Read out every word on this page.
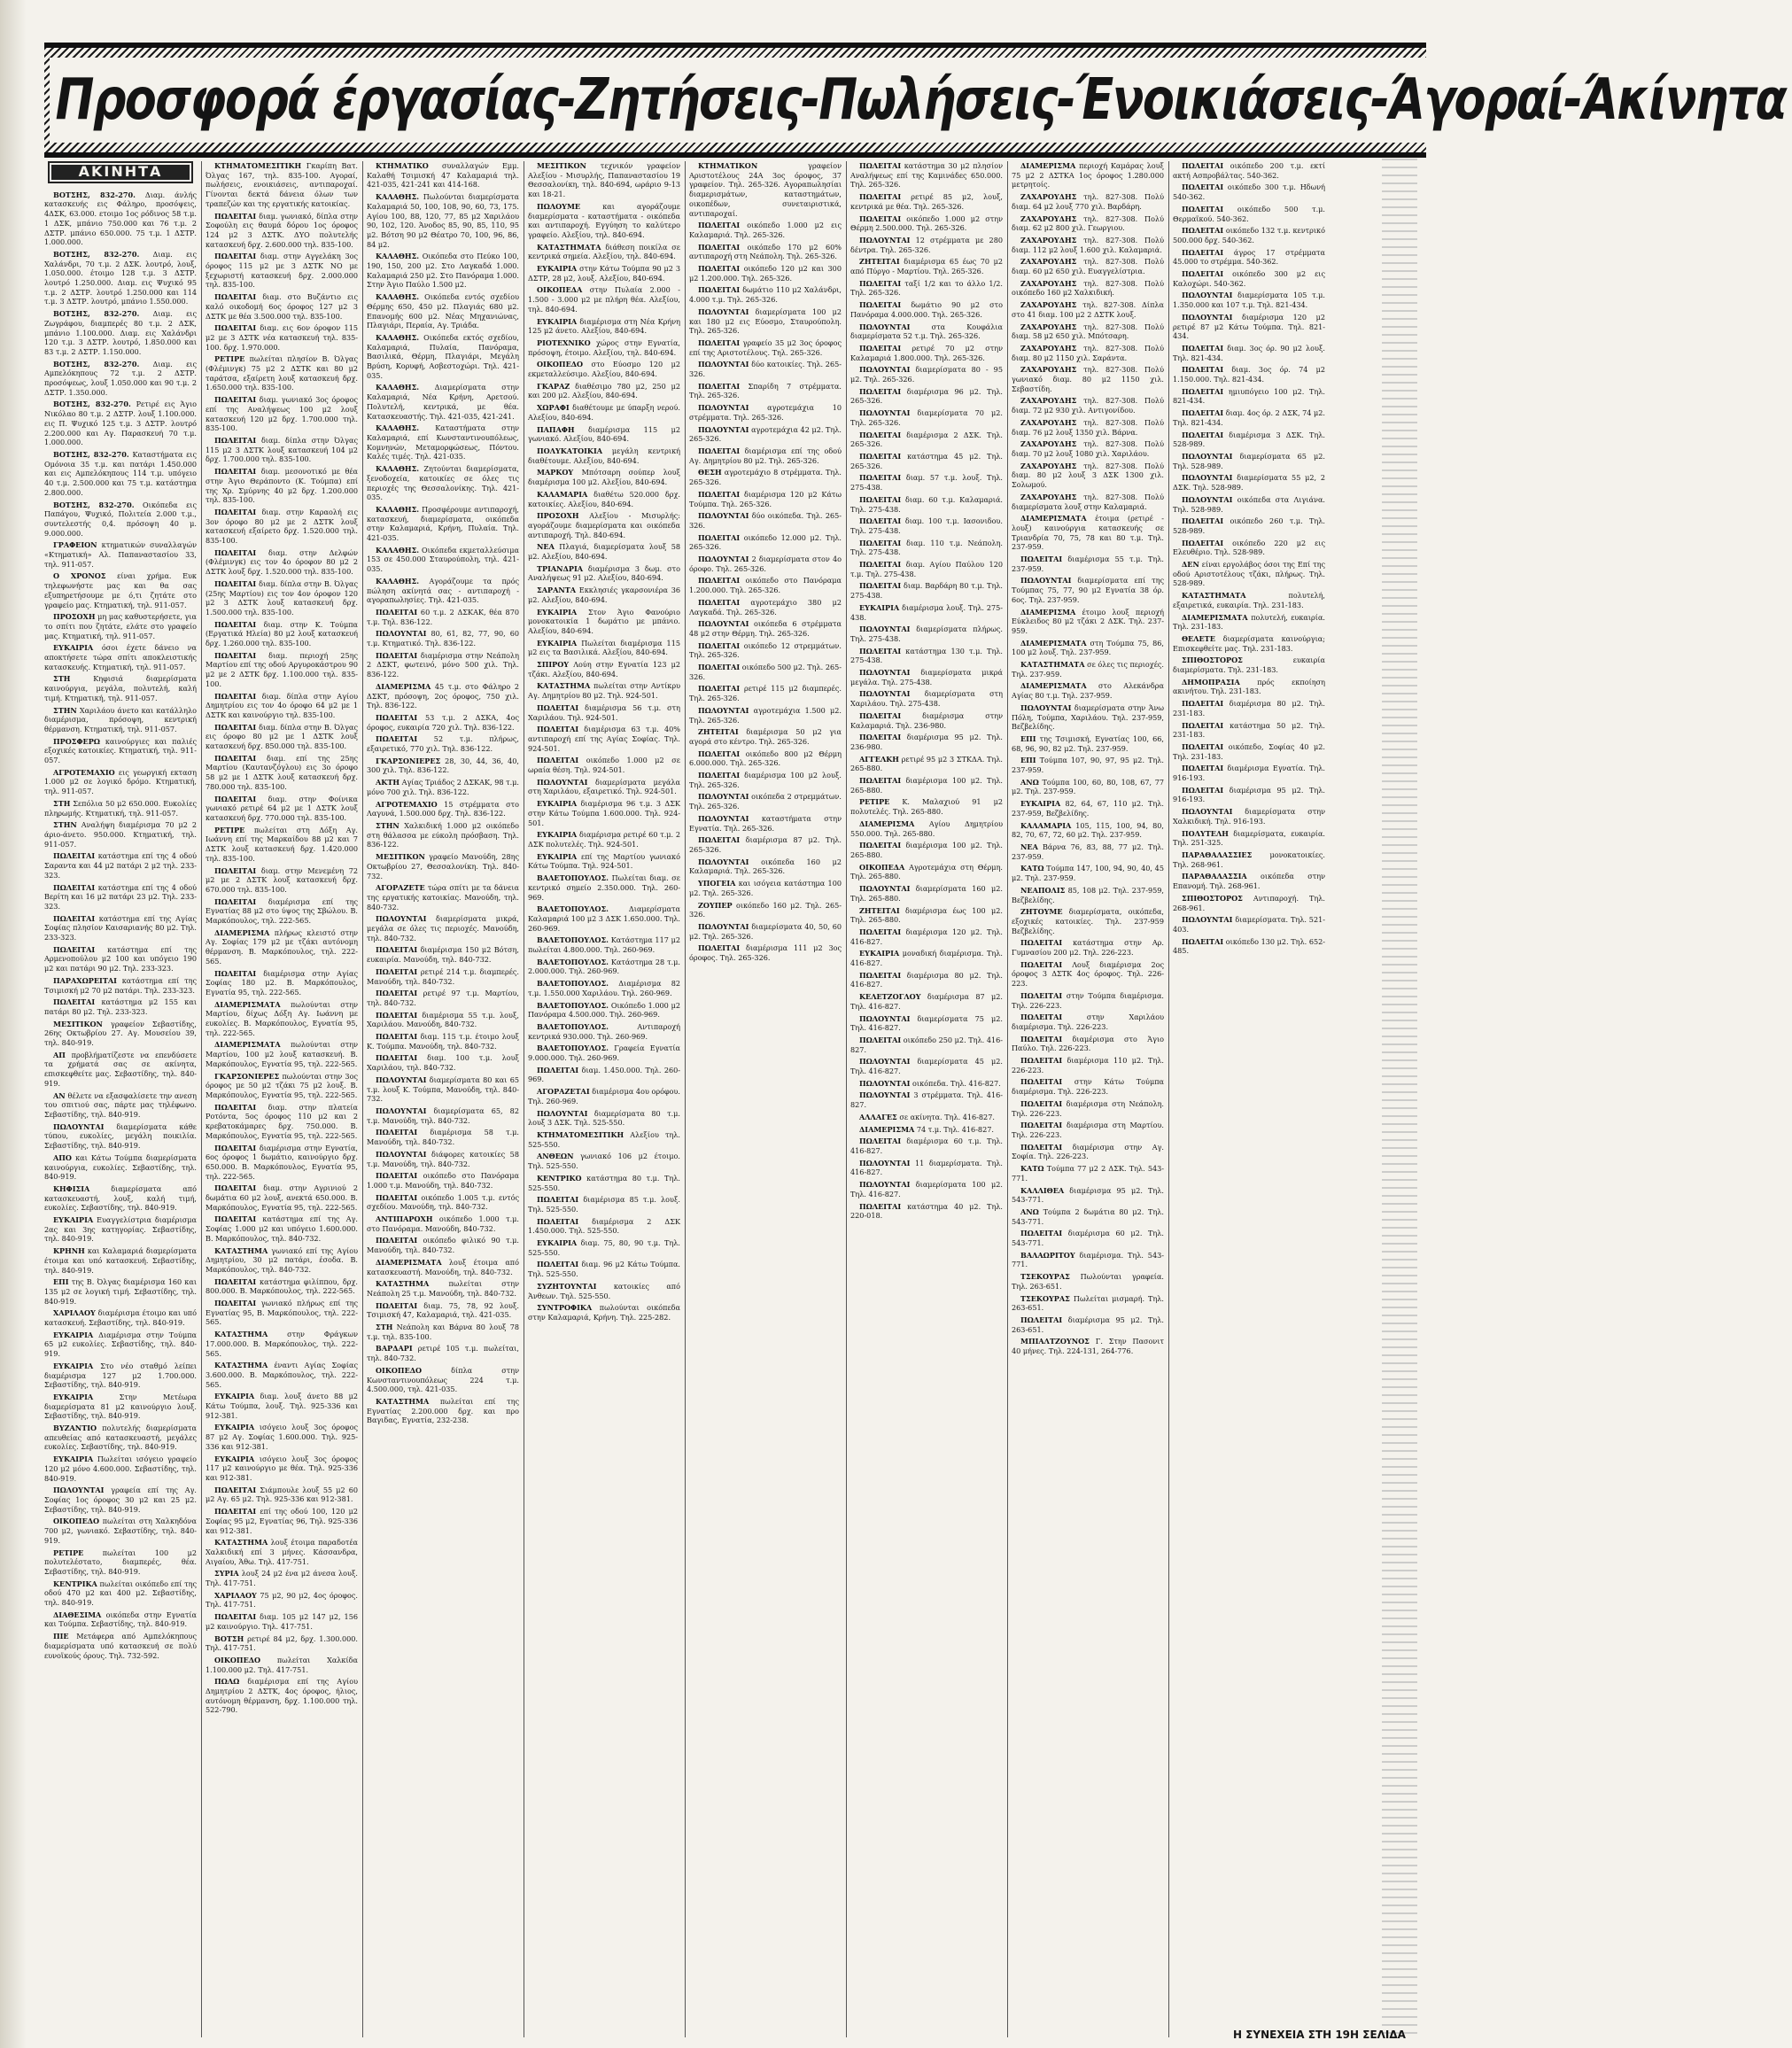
Προσφορά έργασίας-Ζητήσεις-Πωλήσεις-Ένοικιάσεις-Άγοραί-Άκίνητα
ΑΚΙΝΗΤΑ

ΒΟΤΣΗΣ, 832-270. Διαμ. άνλής κατασκευής εις Φάληρο, προσόψεις, 4ΔΣΚ, 63.000. ετοιμο 1ος ρόδινος 58 τ.μ. 1 ΔΣΚ, μπάνιο 750.000 και 76 τ.μ. 2 ΔΣΤΡ. μπάνιο 650.000. 75 τ.μ. 1 ΔΣΤΡ. 1.000.000.

ΒΟΤΣΗΣ, 832-270. Διαμ. εις Χαλάνδρι, 70 τ.μ. 2 ΔΣΚ. λουτρό, λουξ, 1.050.000. έτοιμο 128 τ.μ. 3 ΔΣΤΡ. λουτρό 1.250.000. Διαμ. εις Ψυχικό 95 τ.μ. 2 ΔΣΤΡ. λουτρό 1.250.000 και 114 τ.μ. 3 ΔΣΤΡ. λουτρό, μπάνιο 1.550.000.

ΒΟΤΣΗΣ, 832-270. Διαμ. εις Ζωγράφου, διαμπερές 80 τ.μ. 2 ΔΣΚ, μπάνιο 1.100.000. Διαμ. εις Χαλάνδρι 120 τ.μ. 3 ΔΣΤΡ. λουτρό, 1.850.000 και 83 τ.μ. 2 ΔΣΤΡ. 1.150.000.

ΒΟΤΣΗΣ, 832-270. Διαμ. εις Αμπελόκηπους 72 τ.μ. 2 ΔΣΤΡ. προσόψεως, λουξ 1.050.000 και 90 τ.μ. 2 ΔΣΤΡ. 1.350.000.

ΒΟΤΣΗΣ, 832-270. Ρετιρέ εις Άγιο Νικόλαο 80 τ.μ. 2 ΔΣΤΡ. λουξ 1.100.000. εις Π. Ψυχικό 125 τ.μ. 3 ΔΣΤΡ. λουτρό 2.200.000 και Αγ. Παρασκευή 70 τ.μ. 1.000.000.

ΒΟΤΣΗΣ, 832-270. Καταστήματα εις Ομόνοια 35 τ.μ. και πατάρι 1.450.000 και εις Αμπελόκηπους 114 τ.μ. υπόγειο 40 τ.μ. 2.500.000 και 75 τ.μ. κατάστημα 2.800.000.

ΒΟΤΣΗΣ, 832-270. Οικόπεδα εις Παπάγου, Ψυχικό, Πολιτεία 2.000 τ.μ., συντελεστής 0,4. πρόσοψη 40 μ. 9.000.000.

ΓΡΑΦΕΙΟΝ κτηματικών συναλλαγών «Κτηματική» Αλ. Παπαναστασίου 33, τηλ. 911-057.

Ο ΧΡΟΝΟΣ είναι χρήμα. Ευκ τηλεφωνήστε μας και θα σας εξυπηρετήσουμε με ό,τι ζητάτε στο γραφείο μας. Κτηματική, τηλ. 911-057.

ΠΡΟΣΟΧΗ μη μας καθυστερήσετε, για το σπίτι που ζητάτε, ελάτε στο γραφείο μας. Κτηματική, τηλ. 911-057.

ΕΥΚΑΙΡΙΑ όσοι έχετε δάνειο να αποκτήσετε τώρα σπίτι αποκλειστικής κατασκευής. Κτηματική, τηλ. 911-057.

ΣΤΗ	Κηφισιά διαμερίσματα καινούργια, μεγάλα, πολυτελή, καλή τιμή. Κτηματική, τηλ. 911-057.

ΣΤΗΝ Χαριλάου άνετο και κατάλληλο διαμέρισμα, πρόσοψη, κεντρική θέρμανση. Κτηματική, τηλ. 911-057.

ΠΡΟΣΦΕΡΩ καινούργιες και παλιές εξοχικές κατοικίες. Κτηματική, τηλ. 911-057.

ΑΓΡΟΤΕΜΑΧΙΟ εις γεωργική εκταση 1.000 μ2 σε λογικό δρόμο. Κτηματική, τηλ. 911-057.

ΣΤΗ Σεπόλια 50 μ2 650.000. Ευκολίες πληρωμής. Κτηματική, τηλ. 911-057.

ΣΤΗΝ Αναλήψη διαμέρισμα 70 μ2 2 άριο-άνετο. 950.000. Κτηματική, τηλ. 911-057.

ΠΩΛΕΙΤΑΙ κατάστημα επί της 4 οδού Σαραντα και 44 μ2 πατάρι 2 μ2 τηλ. 233-323.

ΠΩΛΕΙΤΑΙ κατάστημα επί της 4 οδού Βερίτη και 16 μ2 πατάρι 23 μ2. Τηλ. 233-323.

ΠΩΛΕΙΤΑΙ κατάστημα επί της Αγίας Σοφίας πλησίον Καισαριανής 80 μ2. Τηλ. 233-323.

ΠΩΛΕΙΤΑΙ κατάστημα επί της Αρμενοπούλου μ2 100 και υπόγειο 190 μ2 και πατάρι 90 μ2. Τηλ. 233-323.

ΠΑΡΑΧΩΡΕΙΤΑΙ κατάστημα επί της Τσιμισκή μ2 70 μ2 πατάρι. Τηλ. 233-323.

ΠΩΛΕΙΤΑΙ κατάστημα μ2 155 και πατάρι 80 μ2. Τηλ. 233-323.

ΜΕΣΙΤΙΚΟΝ γραφείον Σεβαστίδης, 26ης Οκτωβρίου 27. Αγ. Μουσείου 39, τηλ. 840-919.

ΑΠ προβλήματίζεστε να επενδύσετε τα χρήματά σας σε ακίνητα, επισκεφθείτε μας. Σεβαστίδης, τηλ. 840-919.

ΑΝ θέλετε να εξασφαλίσετε την ανεση του σπιτιού σας, πάρτε μας τηλέφωνο. Σεβαστίδης, τηλ. 840-919.

ΠΩΛΟΥΝΤΑΙ διαμερίσματα κάθε τύπου, ευκολίες, μεγάλη ποικιλία. Σεβαστίδης, τηλ. 840-919.

ΑΠΟ και Κάτω Τούμπα διαμερίσματα καινούργια, ευκολίες. Σεβαστίδης, τηλ. 840-919.

ΚΗΦΙΣΙΑ	διαμερίσματα από κατασκευαστή, λουξ, καλή τιμή, ευκολίες. Σεβαστίδης, τηλ. 840-919.

ΕΥΚΑΙΡΙΑ Ευαγγελίστρια διαμέρισμα 2ας και 3ης κατηγορίας. Σεβαστίδης, τηλ. 840-919.

ΚΡΗΝΗ και Καλαμαριά διαμερίσματα έτοιμα και υπό κατασκευή. Σεβαστίδης, τηλ. 840-919.

ΕΠΙ της Β. Όλγας διαμέρισμα 160 και 135 μ2 σε λογική τιμή. Σεβαστίδης, τηλ. 840-919.

ΧΑΡΙΛΑΟΥ διαμέρισμα έτοιμο και υπό κατασκευή. Σεβαστίδης, τηλ. 840-919.

ΕΥΚΑΙΡΙΑ Διαμέρισμα στην Τούμπα 65 μ2 ευκολίες. Σεβαστίδης, τηλ. 840-919.

ΕΥΚΑΙΡΙΑ Στο νέο σταθμό λείπει διαμέρισμα 127 μ2 1.700.000. Σεβαστίδης, τηλ. 840-919.

ΕΥΚΑΙΡΙΑ	Στην Μετέωρα διαμερίσματα 81 μ2 καινούργιο λουξ. Σεβαστίδης, τηλ. 840-919.

ΒΥΖΑΝΤΙΟ πολυτελής διαμερίσματα απευθείας από κατασκευαστή, μεγάλες ευκολίες. Σεβαστίδης, τηλ. 840-919.

ΕΥΚΑΙΡΙΑ Πωλείται ισόγειο γραφείο 120 μ2 μόνο 4.600.000. Σεβαστίδης, τηλ. 840-919.

ΠΩΛΟΥΝΤΑΙ γραφεία επί της Αγ. Σοφίας 1ος όροφος 30 μ2 και 25 μ2. Σεβαστίδης, τηλ. 840-919.

ΟΙΚΟΠΕΔΟ πωλείται στη Χαλκηδόνα 700 μ2, γωνιακό. Σεβαστίδης, τηλ. 840-919.

ΡΕΤΙΡΕ	πωλείται 100 μ2 πολυτελέστατο, διαμπερές, θέα. Σεβαστίδης, τηλ. 840-919.

ΚΕΝΤΡΙΚΑ πωλείται οικόπεδο επί της οδού 470 μ2 και 400 μ2. Σεβαστίδης, τηλ. 840-919.

ΔΙΑΘΕΣΙΜΑ οικόπεδα στην Εγνατία και Τούμπα. Σεβαστίδης, τηλ. 840-919.

ΠΙΕ Μετάφερα από Αμπελόκηπους διαμερίσματα υπό κατασκευή σε πολύ ευνοϊκούς όρους. Τηλ. 732-592.

ΚΤΗΜΑΤΟΜΕΣΙΤΙΚΗ Γκαρίπη Βατ. Όλγας 167, τηλ. 835-100. Αγοραί, πωλήσεις, ενοικιάσεις, αντιπαροχαί. Γίνονται δεκτά δάνεια όλων των τραπεζών και της εργατικής κατοικίας.

ΠΩΛΕΙΤΑΙ διαμ. γωνιακό, δίπλα στην Σοφούλη εις θαυμά δόρου 1ος όροφος 124 μ2 3 ΔΣΤΚ. ΔΥΟ πολυτελής κατασκευή δρχ. 2.600.000 τηλ. 835-100.

ΠΩΛΕΙΤΑΙ διαμ. στην Αγγελάκη 3ος όροφος 115 μ2 με 3 ΔΣΤΚ ΝΟ με ξεχωριστή κατασκευή δρχ. 2.000.000 τηλ. 835-100.

ΠΩΛΕΙΤΑΙ διαμ. στο Βυζάντιο εις καλό οικοδομή 6ος όροφος 127 μ2 3 ΔΣΤΚ με θέα 3.500.000 τηλ. 835-100.

ΠΩΛΕΙΤΑΙ διαμ. εις 6ον όροφον 115 μ2 με 3 ΔΣΤΚ νέα κατασκευή τηλ. 835-100. δρχ. 1.970.000.

ΡΕΤΙΡΕ πωλείται πλησίον Β. Όλγας (Φλέμινγκ) 75 μ2 2 ΔΣΤΚ και 80 μ2 ταράτσα, εξαίρετη λουξ κατασκευή δρχ. 1.650.000 τηλ. 835-100.

ΠΩΛΕΙΤΑΙ διαμ. γωνιακό 3ος όροφος επί της Αναλήψεως 100 μ2 λουξ κατασκευή 120 μ2 δρχ. 1.700.000 τηλ. 835-100.

ΠΩΛΕΙΤΑΙ διαμ. δίπλα στην Όλγας 115 μ2 3 ΔΣΤΚ λουξ κατασκευή 104 μ2 δρχ. 1.700.000 τηλ. 835-100.

ΠΩΛΕΙΤΑΙ διαμ. μεσονοτικό με θέα στην Άγιο Θεράποντο (Κ. Τούμπα) επί της Χρ. Σμύρνης 40 μ2 δρχ. 1.200.000 τηλ. 835-100.

ΠΩΛΕΙΤΑΙ διαμ. στην Καραολή εις 3ον όροφο 80 μ2 με 2 ΔΣΤΚ λουξ κατασκευή εξαίρετο δρχ. 1.520.000 τηλ. 835-100.

ΠΩΛΕΙΤΑΙ διαμ. στην Δελφών (Φλέμινγκ) εις τον 4ο όροφον 80 μ2 2 ΔΣΤΚ λουξ δρχ. 1.520.000 τηλ. 835-100.

ΠΩΛΕΙΤΑΙ διαμ. δίπλα στην Β. Όλγας (25ης Μαρτίου) εις τον 4ον όροφον 120 μ2 3 ΔΣΤΚ λουξ κατασκευή δρχ. 1.500.000 τηλ. 835-100.

ΠΩΛΕΙΤΑΙ διαμ. στην Κ. Τούμπα (Εργατικά Ηλεία) 80 μ2 λουξ κατασκευή δρχ. 1.260.000 τηλ. 835-100.

ΠΩΛΕΙΤΑΙ διαμ. περιοχή 25ης Μαρτίου επί της οδού Αργυροκάστρου 90 μ2 με 2 ΔΣΤΚ δρχ. 1.100.000 τηλ. 835-100.

ΠΩΛΕΙΤΑΙ διαμ. δίπλα στην Αγίου Δημητρίου εις τον 4ο όροφο 64 μ2 με 1 ΔΣΤΚ και καινούργιο τηλ. 835-100.

ΠΩΛΕΙΤΑΙ διαμ. δίπλα στην Β. Όλγας εις όροφο 80 μ2 με 1 ΔΣΤΚ λουξ κατασκευή δρχ. 850.000 τηλ. 835-100.

ΠΩΛΕΙΤΑΙ διαμ. επί της 25ης Μαρτίου (Καυτανζόγλου) εις 3ο όροφο 58 μ2 με 1 ΔΣΤΚ λουξ κατασκευή δρχ. 780.000 τηλ. 835-100.

ΠΩΛΕΙΤΑΙ διαμ. στην Φοίνικα γωνιακό ρετιρέ 64 μ2 με 1 ΔΣΤΚ λουξ κατασκευή δρχ. 770.000 τηλ. 835-100.

ΡΕΤΙΡΕ πωλείται στη Δόξη Αγ. Ιωάννη επί της Μαρκαίδου 88 μ2 και 7 ΔΣΤΚ λουξ κατασκευή δρχ. 1.420.000 τηλ. 835-100.

ΠΩΛΕΙΤΑΙ διαμ. στην Μενεμένη 72 μ2 με 2 ΔΣΤΚ λουξ κατασκευή δρχ. 670.000 τηλ. 835-100.

ΠΩΛΕΙΤΑΙ διαμέρισμα επί της Εγνατίας 88 μ2 στο ύψος της Σβώλου. Β. Μαρκόπουλος, τηλ. 222-565.

ΔΙΑΜΕΡΙΣΜΑ πλήρως κλειστό στην Αγ. Σοφίας 179 μ2 με τζάκι αυτόνομη θέρμανση. Β. Μαρκόπουλος, τηλ. 222-565.

ΠΩΛΕΙΤΑΙ διαμέρισμα στην Αγίας Σοφίας 180 μ2. Β. Μαρκόπουλος, Εγνατία 95, τηλ. 222-565.

ΔΙΑΜΕΡΙΣΜΑΤΑ πωλούνται στην Μαρτίου, δίχως Δόξη Αγ. Ιωάννη με ευκολίες. Β. Μαρκόπουλος, Εγνατία 95, τηλ. 222-565.

ΔΙΑΜΕΡΙΣΜΑΤΑ πωλούνται στην Μαρτίου, 100 μ2 λουξ κατασκευή. Β. Μαρκόπουλος, Εγνατία 95, τηλ. 222-565.

ΓΚΑΡΣΟΝΙΕΡΕΣ πωλούνται στην 3ος όροφος με 50 μ2 τζάκι 75 μ2 λουξ. Β. Μαρκόπουλος, Εγνατία 95, τηλ. 222-565.

ΠΩΛΕΙΤΑΙ διαμ. στην πλατεία Ροτόντα, 5ος όροφος 110 μ2 και 2 κρεβατοκάμαρες δρχ. 750.000. Β. Μαρκόπουλος, Εγνατία 95, τηλ. 222-565.

ΠΩΛΕΙΤΑΙ διαμέρισμα στην Εγνατία, 6ος όροφος 1 δωμάτιο, καινούργιο δρχ. 650.000. Β. Μαρκόπουλος, Εγνατία 95, τηλ. 222-565.

ΠΩΛΕΙΤΑΙ διαμ. στην Αγρινιού 2 δωμάτια 60 μ2 λουξ, ανεκτά 650.000. Β. Μαρκόπουλος, Εγνατία 95, τηλ. 222-565.

ΠΩΛΕΙΤΑΙ κατάστημα επί της Αγ. Σοφίας 1.000 μ2 και υπόγειο 1.600.000. Β. Μαρκόπουλος, τηλ. 840-732.

ΚΑΤΑΣΤΗΜΑ γωνιακό επί της Αγίου Δημητρίου, 30 μ2 πατάρι, έσοδα. Β. Μαρκόπουλος, τηλ. 840-732.

ΠΩΛΕΙΤΑΙ κατάστημα φιλίππου, δρχ. 800.000. Β. Μαρκόπουλος, τηλ. 222-565.

ΠΩΛΕΙΤΑΙ γωνιακό πλήρως επί της Εγνατίας 95, Β. Μαρκόπουλος, τηλ. 222-565.

ΚΑΤΑΣΤΗΜΑ	στην Φράγκων 17.000.000. Β. Μαρκόπουλος, τηλ. 222-565.

ΚΑΤΑΣΤΗΜΑ έναντι Αγίας Σοφίας 3.600.000. Β. Μαρκόπουλος, τηλ. 222-565.

ΕΥΚΑΙΡΙΑ διαμ. λουξ άνετο 88 μ2 Κάτω Τούμπα, λουξ. Τηλ. 925-336 και 912-381.

ΕΥΚΑΙΡΙΑ ισόγειο λουξ 3ος όροφος 87 μ2 Αγ. Σοφίας 1.600.000. Τηλ. 925-336 και 912-381.

ΕΥΚΑΙΡΙΑ ισόγειο λουξ 3ος όροφος 117 μ2 καινούργιο με θέα. Τηλ. 925-336 και 912-381.

ΠΩΛΕΙΤΑΙ Σιάμπουλε λουξ 55 μ2 60 μ2 Αγ. 65 μ2. Τηλ. 925-336 και 912-381.

ΠΩΛΕΙΤΑΙ επί της οδού 100, 120 μ2 Σοφίας 95 μ2, Εγνατίας 96, Τηλ. 925-336 και 912-381.

ΚΑΤΑΣΤΗΜΑ λουξ έτοιμα παραδοτέα Χαλκιδική επί 3 μήνες. Κάσσανδρα, Αιγαίου, Άθω. Τηλ. 417-751.

ΣΥΡΙΑ λουξ 24 μ2 ένα μ2 άνεσα λουξ. Τηλ. 417-751.

ΧΑΡΙΛΑΟΥ 75 μ2, 90 μ2, 4ος όροφος. Τηλ. 417-751.

ΠΩΛΕΙΤΑΙ διαμ. 105 μ2 147 μ2, 156 μ2 καινούργιο. Τηλ. 417-751.

ΒΟΤΣΗ ρετιρέ 84 μ2, δρχ. 1.300.000. Τηλ. 417-751.

ΟΙΚΟΠΕΔΟ πωλείται Χαλκίδα 1.100.000 μ2. Τηλ. 417-751.

ΠΩΛΩ διαμέρισμα επί της Αγίου Δημητρίου 2 ΔΣΤΚ, 4ος όροφος, ήλιος, αυτόνομη θέρμανση, δρχ. 1.100.000 τηλ. 522-790.

ΚΤΗΜΑΤΙΚΟ συναλλαγών Εμμ. Καλαθή Τσιμισκή 47 Καλαμαριά τηλ. 421-035, 421-241 και 414-168.

ΚΑΛΑΘΗΣ. Πωλούνται διαμερίσματα Καλαμαριά 50, 100, 108, 90, 60, 73, 175. Αγίου 100, 88, 120, 77, 85 μ2 Χαριλάου 90, 102, 120. Άνοδος 85, 90, 85, 110, 95 μ2. Βότση 90 μ2 Θέατρο 70, 100, 96, 86, 84 μ2.

ΚΑΛΑΘΗΣ. Οικόπεδα στο Πεύκο 100, 190, 150, 200 μ2. Στο Λαγκαδά 1.000. Καλαμαριά 250 μ2. Στο Πανόραμα 1.000. Στην Άγιο Παύλο 1.500 μ2.

ΚΑΛΑΘΗΣ. Οικόπεδα εντός σχεδίου Θέρμης 650, 450 μ2. Πλαγιάς 680 μ2. Επανομής 600 μ2. Νέας Μηχανιώνας, Πλαγιάρι, Περαία, Αγ. Τριάδα.

ΚΑΛΑΘΗΣ. Οικόπεδα εκτός σχεδίου, Καλαμαριά, Πυλαία, Πανόραμα, Βασιλικά, Θέρμη, Πλαγιάρι, Μεγάλη Βρύση, Κορυφή, Ασβεστοχώρι. Τηλ. 421-035.

ΚΑΛΑΘΗΣ. Διαμερίσματα στην Καλαμαριά, Νέα Κρήνη, Αρετσού. Πολυτελή, κεντρικά, με θέα. Κατασκευαστής. Τηλ. 421-035, 421-241.

ΚΑΛΑΘΗΣ. Καταστήματα στην Καλαμαριά, επί Κωνσταντινουπόλεως, Κομνηνών, Μεταμορφώσεως, Πόντου. Καλές τιμές. Τηλ. 421-035.

ΚΑΛΑΘΗΣ. Ζητούνται διαμερίσματα, ξενοδοχεία, κατοικίες σε όλες τις περιοχές της Θεσσαλονίκης. Τηλ. 421-035.

ΚΑΛΑΘΗΣ. Προσφέρουμε αντιπαροχή, κατασκευή, διαμερίσματα, οικόπεδα στην Καλαμαριά, Κρήνη, Πυλαία. Τηλ. 421-035.

ΚΑΛΑΘΗΣ. Οικόπεδα εκμεταλλεύσιμα 153 σε 450.000 Σταυρούπολη, τηλ. 421-035.

ΚΑΛΑΘΗΣ. Αγοράζουμε τα πρός πώληση ακίνητά σας - αντιπαροχή - αγοραπωλησίες. Τηλ. 421-035.

ΠΩΛΕΙΤΑΙ 60 τ.μ. 2 ΔΣΚΑΚ, θέα 870 τ.μ. Τηλ. 836-122.

ΠΩΛΟΥΝΤΑΙ 80, 61, 82, 77, 90, 60 τ.μ. Κτηματικό. Τηλ. 836-122.

ΠΩΛΕΙΤΑΙ διαμέρισμα στην Νεάπολη 2 ΔΣΚΤ, φωτεινό, μόνο 500 χιλ. Τηλ. 836-122.

ΔΙΑΜΕΡΙΣΜΑ 45 τ.μ. στο Φάληρο 2 ΔΣΚΤ, πρόσοψη, 2ος όροφος, 750 χιλ. Τηλ. 836-122.

ΠΩΛΕΙΤΑΙ 53 τ.μ. 2 ΔΣΚΑ, 4ος όροφος, ευκαιρία 720 χιλ. Τηλ. 836-122.

ΠΩΛΕΙΤΑΙ 52 τ.μ. πλήρως, εξαιρετικό, 770 χιλ. Τηλ. 836-122.

ΓΚΑΡΣΟΝΙΕΡΕΣ 28, 30, 44, 36, 40, 300 χιλ. Τηλ. 836-122.

ΑΚΤΗ Αγίας Τριάδος 2 ΔΣΚΑΚ, 98 τ.μ. μόνο 700 χιλ. Τηλ. 836-122.

ΑΓΡΟΤΕΜΑΧΙΟ 15 στρέμματα στο Λαγυνά, 1.500.000 δρχ. Τηλ. 836-122.

ΣΤΗΝ Χαλκιδική 1.000 μ2 οικόπεδο στη θάλασσα με εύκολη πρόσβαση. Τηλ. 836-122.

ΜΕΣΙΤΙΚΟΝ γραφείο Μανούδη, 28ης Οκτωβρίου 27, Θεσσαλονίκη. Τηλ. 840-732.

ΑΓΟΡΑΖΕΤΕ τώρα σπίτι με τα δάνεια της εργατικής κατοικίας. Μανούδη, τηλ. 840-732.

ΠΩΛΟΥΝΤΑΙ διαμερίσματα μικρά, μεγάλα σε όλες τις περιοχές. Μανούδη, τηλ. 840-732.

ΠΩΛΕΙΤΑΙ διαμέρισμα 150 μ2 Βότση, ευκαιρία. Μανούδη, τηλ. 840-732.

ΠΩΛΕΙΤΑΙ ρετιρέ 214 τ.μ. διαμπερές. Μανούδη, τηλ. 840-732.

ΠΩΛΕΙΤΑΙ ρετιρέ 97 τ.μ. Μαρτίου, τηλ. 840-732.

ΠΩΛΕΙΤΑΙ διαμέρισμα 55 τ.μ. λουξ, Χαριλάου. Μανούδη, 840-732.

ΠΩΛΕΙΤΑΙ διαμ. 115 τ.μ. έτοιμο λουξ Κ. Τούμπα. Μανούδη, τηλ. 840-732.

ΠΩΛΕΙΤΑΙ διαμ. 100 τ.μ. λουξ Χαριλάου, τηλ. 840-732.

ΠΩΛΟΥΝΤΑΙ διαμερίσματα 80 και 65 τ.μ. λουξ Κ. Τούμπα, Μανούδη, τηλ. 840-732.

ΠΩΛΟΥΝΤΑΙ διαμερίσματα 65, 82 τ.μ. Μανούδη, τηλ. 840-732.

ΠΩΛΕΙΤΑΙ διαμέρισμα 58 τ.μ. Μανούδη, τηλ. 840-732.

ΠΩΛΟΥΝΤΑΙ διάφορες κατοικίες 58 τ.μ. Μανούδη, τηλ. 840-732.

ΠΩΛΕΙΤΑΙ οικόπεδο στο Πανόραμα 1.000 τ.μ. Μανούδη, τηλ. 840-732.

ΠΩΛΕΙΤΑΙ οικόπεδο 1.005 τ.μ. εντός σχεδίου. Μανούδη, τηλ. 840-732.

ΑΝΤΙΠΑΡΟΧΗ οικόπεδο 1.000 τ.μ. στο Πανόραμα. Μανούδη, 840-732.

ΠΩΛΕΙΤΑΙ οικόπεδο φιλικό 90 τ.μ. Μανούδη, τηλ. 840-732.

ΔΙΑΜΕΡΙΣΜΑΤΑ λουξ έτοιμα από κατασκευαστή. Μανούδη, τηλ. 840-732.

ΚΑΤΑΣΤΗΜΑ	πωλείται στην Νεάπολη 25 τ.μ. Μανούδη, τηλ. 840-732.

ΠΩΛΕΙΤΑΙ διαμ. 75, 78, 92 λουξ. Τσιμισκή 47, Καλαμαριά, τηλ. 421-035.

ΣΤΗ Νεάπολη και Βάρνα 80 λουξ 78 τ.μ. τηλ. 835-100.

ΒΑΡΔΑΡΙ ρετιρέ 105 τ.μ. πωλείται, τηλ. 840-732.

ΟΙΚΟΠΕΔΟ	δίπλα στην Κωνσταντινουπόλεως 224 τ.μ. 4.500.000, τηλ. 421-035.

ΚΑΤΑΣΤΗΜΑ πωλείται επί της Εγνατίας 2.200.000 δρχ. και προ Βαγιδας, Εγνατία, 232-238.

ΜΕΣΙΤΙΚΟΝ τεχνικόν γραφείον Αλεξίου - Μισυρλής, Παπαναστασίου 19 Θεσσαλονίκη, τηλ. 840-694, ωράριο 9-13 και 18-21.

ΠΩΛΟΥΜΕ	και αγοράζουμε διαμερίσματα - καταστήματα - οικόπεδα και αντιπαροχή. Εγγύηση το καλύτερο γραφείο. Αλεξίου, τηλ. 840-694.

ΚΑΤΑΣΤΗΜΑΤΑ διάθεση ποικίλα σε κεντρικά σημεία. Αλεξίου, τηλ. 840-694.

ΕΥΚΑΙΡΙΑ στην Κάτω Τούμπα 90 μ2 3 ΔΣΤΡ, 28 μ2, λουξ. Αλεξίου, 840-694.

ΟΙΚΟΠΕΔΑ στην Πυλαία 2.000 - 1.500 - 3.000 μ2 με πλήρη θέα. Αλεξίου, τηλ. 840-694.

ΕΥΚΑΙΡΙΑ διαμέρισμα στη Νέα Κρήνη 125 μ2 άνετο. Αλεξίου, 840-694.

ΡΙΟΤΕΧΝΙΚΟ χώρος στην Εγνατία, πρόσοψη, έτοιμο. Αλεξίου, τηλ. 840-694.

ΟΙΚΟΠΕΔΟ στο Εύοσμο 120 μ2 εκμεταλλεύσιμο. Αλεξίου, 840-694.

ΓΚΑΡΑΖ διαθέσιμο 780 μ2, 250 μ2 και 200 μ2. Αλεξίου, 840-694.

ΧΩΡΑΦΙ διαθέτουμε με ύπαρξη νερού. Αλεξίου, 840-694.

ΠΑΠΑΦΗ διαμέρισμα 115 μ2 γωνιακό. Αλεξίου, 840-694.

ΠΟΛΥΚΑΤΟΙΚΙΑ μεγάλη κεντρική διαθέτουμε. Αλεξίου, 840-694.

ΜΑΡΚΟΥ Μπότσαρη σούπερ λουξ διαμέρισμα 100 μ2. Αλεξίου, 840-694.

ΚΑΛΑΜΑΡΙΑ διαθέτω 520.000 δρχ. κατοικίες. Αλεξίου, 840-694.

ΠΡΟΣΟΧΗ Αλεξίου - Μισυρλής: αγοράζουμε διαμερίσματα και οικόπεδα αντιπαροχή. Τηλ. 840-694.

ΝΕΑ Πλαγιά, διαμερίσματα λουξ 58 μ2. Αλεξίου, 840-694.

ΤΡΙΑΝΔΡΙΑ διαμέρισμα 3 δωμ. στο Αναλήψεως 91 μ2. Αλεξίου, 840-694.

ΣΑΡΑΝΤΑ Εκκλησιές γκαρσονιέρα 36 μ2. Αλεξίου, 840-694.

ΕΥΚΑΙΡΙΑ Στον Άγιο Φανούριο μονοκατοικία 1 δωμάτιο με μπάνιο. Αλεξίου, 840-694.

ΕΥΚΑΙΡΙΑ Πωλείται διαμέρισμα 115 μ2 εις τα Βασιλικά. Αλεξίου, 840-694.

ΣΠΙΡΟΥ Λούη στην Εγνατία 123 μ2 τζάκι. Αλεξίου, 840-694.

ΚΑΤΑΣΤΗΜΑ πωλείται στην Αντίκρυ Αγ. Δημητρίου 80 μ2. Τηλ. 924-501.

ΠΩΛΕΙΤΑΙ διαμέρισμα 56 τ.μ. στη Χαριλάου. Τηλ. 924-501.

ΠΩΛΕΙΤΑΙ διαμέρισμα 63 τ.μ. 40% αντιπαροχή επί της Αγίας Σοφίας. Τηλ. 924-501.

ΠΩΛΕΙΤΑΙ οικόπεδο 1.000 μ2 σε ωραία θέση. Τηλ. 924-501.

ΠΩΛΟΥΝΤΑΙ διαμερίσματα μεγάλα στη Χαριλάου, εξαιρετικό. Τηλ. 924-501.

ΕΥΚΑΙΡΙΑ διαμέρισμα 96 τ.μ. 3 ΔΣΚ στην Κάτω Τούμπα 1.600.000. Τηλ. 924-501.

ΕΥΚΑΙΡΙΑ διαμέρισμα ρετιρέ 60 τ.μ. 2 ΔΣΚ πολυτελές. Τηλ. 924-501.

ΕΥΚΑΙΡΙΑ επί της Μαρτίου γωνιακό Κάτω Τούμπα. Τηλ. 924-501.

ΒΑΛΕΤΟΠΟΥΛΟΣ. Πωλείται διαμ. σε κεντρικό σημείο 2.350.000. Τηλ. 260-969.

ΒΑΛΕΤΟΠΟΥΛΟΣ.	Διαμερίσματα Καλαμαριά 100 μ2 3 ΔΣΚ 1.650.000. Τηλ. 260-969.

ΒΑΛΕΤΟΠΟΥΛΟΣ. Κατάστημα 117 μ2 πωλείται 4.800.000. Τηλ. 260-969.

ΒΑΛΕΤΟΠΟΥΛΟΣ. Κατάστημα 28 τ.μ. 2.000.000. Τηλ. 260-969.

ΒΑΛΕΤΟΠΟΥΛΟΣ. Διαμέρισμα 82 τ.μ. 1.550.000 Χαριλάου. Τηλ. 260-969.

ΒΑΛΕΤΟΠΟΥΛΟΣ. Οικόπεδο 1.000 μ2 Πανόραμα 4.500.000. Τηλ. 260-969.

ΒΑΛΕΤΟΠΟΥΛΟΣ.	Αντιπαροχή κεντρικά 930.000. Τηλ. 260-969.

ΒΑΛΕΤΟΠΟΥΛΟΣ. Γραφεία Εγνατία 9.000.000. Τηλ. 260-969.

ΠΩΛΕΙΤΑΙ διαμ. 1.450.000. Τηλ. 260-969.

ΑΓΟΡΑΖΕΤΑΙ διαμέρισμα 4ου ορόφου. Τηλ. 260-969.

ΠΩΛΟΥΝΤΑΙ διαμερίσματα 80 τ.μ. λουξ 3 ΔΣΚ. Τηλ. 525-550.

ΚΤΗΜΑΤΟΜΕΣΙΤΙΚΗ Αλεξίου τηλ. 525-550.

ΑΝΘΕΩΝ γωνιακό 106 μ2 έτοιμο. Τηλ. 525-550.

ΚΕΝΤΡΙΚΟ κατάστημα 80 τ.μ. Τηλ. 525-550.

ΠΩΛΕΙΤΑΙ διαμέρισμα 85 τ.μ. λουξ. Τηλ. 525-550.

ΠΩΛΕΙΤΑΙ διαμέρισμα 2 ΔΣΚ 1.450.000. Τηλ. 525-550.

ΕΥΚΑΙΡΙΑ διαμ. 75, 80, 90 τ.μ. Τηλ. 525-550.

ΠΩΛΕΙΤΑΙ διαμ. 96 μ2 Κάτω Τούμπα. Τηλ. 525-550.

ΣΥΖΗΤΟΥΝΤΑΙ κατοικίες από Άνθεων. Τηλ. 525-550.

ΣΥΝΤΡΟΦΙΚΑ πωλούνται οικόπεδα στην Καλαμαριά, Κρήνη. Τηλ. 225-282.

ΚΤΗΜΑΤΙΚΟΝ	γραφείον Αριστοτέλους 24Α 3ος όροφος, 37 γραφείον. Τηλ. 265-326. Αγοραπωλησίαι διαμερισμάτων, καταστημάτων, οικοπέδων, συνεταιριστικά, αντιπαροχαί.

ΠΩΛΕΙΤΑΙ οικόπεδο 1.000 μ2 εις Καλαμαριά. Τηλ. 265-326.

ΠΩΛΕΙΤΑΙ οικόπεδο 170 μ2 60% αντιπαροχή στη Νεάπολη. Τηλ. 265-326.

ΠΩΛΕΙΤΑΙ οικόπεδο 120 μ2 και 300 μ2 1.200.000. Τηλ. 265-326.

ΠΩΛΕΙΤΑΙ δωμάτιο 110 μ2 Χαλάνδρι, 4.000 τ.μ. Τηλ. 265-326.

ΠΩΛΟΥΝΤΑΙ διαμερίσματα 100 μ2 και 180 μ2 εις Εύοσμο, Σταυρούπολη. Τηλ. 265-326.

ΠΩΛΕΙΤΑΙ γραφείο 35 μ2 3ος όροφος επί της Αριστοτέλους. Τηλ. 265-326.

ΠΩΛΟΥΝΤΑΙ δύο κατοικίες. Τηλ. 265-326.

ΠΩΛΕΙΤΑΙ Σπαρίδη 7 στρέμματα. Τηλ. 265-326.

ΠΩΛΟΥΝΤΑΙ	αγροτεμάχια 10 στρέμματα. Τηλ. 265-326.

ΠΩΛΟΥΝΤΑΙ αγροτεμάχια 42 μ2. Τηλ. 265-326.

ΠΩΛΕΙΤΑΙ διαμέρισμα επί της οδού Αγ. Δημητρίου 80 μ2. Τηλ. 265-326.

ΘΕΣΗ αγροτεμάχιο 8 στρέμματα. Τηλ. 265-326.

ΠΩΛΕΙΤΑΙ διαμέρισμα 120 μ2 Κάτω Τούμπα. Τηλ. 265-326.

ΠΩΛΟΥΝΤΑΙ δύο οικόπεδα. Τηλ. 265-326.

ΠΩΛΕΙΤΑΙ οικόπεδο 12.000 μ2. Τηλ. 265-326.

ΠΩΛΟΥΝΤΑΙ 2 διαμερίσματα στον 4ο όροφο. Τηλ. 265-326.

ΠΩΛΕΙΤΑΙ οικόπεδο στο Πανόραμα 1.200.000. Τηλ. 265-326.

ΠΩΛΕΙΤΑΙ αγροτεμάχιο 380 μ2 Λαγκαδά. Τηλ. 265-326.

ΠΩΛΟΥΝΤΑΙ οικόπεδα 6 στρέμματα 48 μ2 στην Θέρμη. Τηλ. 265-326.

ΠΩΛΕΙΤΑΙ οικόπεδο 12 στρεμμάτων. Τηλ. 265-326.

ΠΩΛΕΙΤΑΙ οικόπεδο 500 μ2. Τηλ. 265-326.

ΠΩΛΕΙΤΑΙ ρετιρέ 115 μ2 διαμπερές. Τηλ. 265-326.

ΠΩΛΟΥΝΤΑΙ αγροτεμάχια 1.500 μ2. Τηλ. 265-326.

ΖΗΤΕΙΤΑΙ διαμέρισμα 50 μ2 για αγορά στο κέντρο. Τηλ. 265-326.

ΠΩΛΕΙΤΑΙ οικόπεδο 800 μ2 Θέρμη 6.000.000. Τηλ. 265-326.

ΠΩΛΕΙΤΑΙ διαμέρισμα 100 μ2 λουξ. Τηλ. 265-326.

ΠΩΛΟΥΝΤΑΙ οικόπεδα 2 στρεμμάτων. Τηλ. 265-326.

ΠΩΛΟΥΝΤΑΙ καταστήματα στην Εγνατία. Τηλ. 265-326.

ΠΩΛΕΙΤΑΙ διαμέρισμα 87 μ2. Τηλ. 265-326.

ΠΩΛΟΥΝΤΑΙ οικόπεδα 160 μ2 Καλαμαριά. Τηλ. 265-326.

ΥΠΟΓΕΙΑ και ισόγεια κατάστημα 100 μ2. Τηλ. 265-326.

ΖΟΥΠΕΡ οικόπεδο 160 μ2. Τηλ. 265-326.

ΠΩΛΟΥΝΤΑΙ διαμερίσματα 40, 50, 60 μ2. Τηλ. 265-326.

ΠΩΛΕΙΤΑΙ διαμέρισμα 111 μ2 3ος όροφος. Τηλ. 265-326.

ΠΩΛΕΙΤΑΙ κατάστημα 30 μ2 πλησίον Αναλήψεως επί της Καμινάδες 650.000. Τηλ. 265-326.

ΠΩΛΕΙΤΑΙ ρετιρέ 85 μ2, λουξ, κεντρικά με θέα. Τηλ. 265-326.

ΠΩΛΕΙΤΑΙ οικόπεδο 1.000 μ2 στην Θέρμη 2.500.000. Τηλ. 265-326.

ΠΩΛΟΥΝΤΑΙ 12 στρέμματα με 280 δέντρα. Τηλ. 265-326.

ΖΗΤΕΙΤΑΙ διαμέρισμα 65 έως 70 μ2 από Πύργο - Μαρτίου. Τηλ. 265-326.

ΠΩΛΕΙΤΑΙ ταξί 1/2 και το άλλο 1/2. Τηλ. 265-326.

ΠΩΛΕΙΤΑΙ δωμάτιο 90 μ2 στο Πανόραμα 4.000.000. Τηλ. 265-326.

ΠΩΛΟΥΝΤΑΙ	στα Κουφάλια διαμερίσματα 52 τ.μ. Τηλ. 265-326.

ΠΩΛΕΙΤΑΙ ρετιρέ 70 μ2 στην Καλαμαριά 1.800.000. Τηλ. 265-326.

ΠΩΛΟΥΝΤΑΙ διαμερίσματα 80 - 95 μ2. Τηλ. 265-326.

ΠΩΛΕΙΤΑΙ διαμέρισμα 96 μ2. Τηλ. 265-326.

ΠΩΛΟΥΝΤΑΙ διαμερίσματα 70 μ2. Τηλ. 265-326.

ΠΩΛΕΙΤΑΙ διαμέρισμα 2 ΔΣΚ. Τηλ. 265-326.

ΠΩΛΕΙΤΑΙ κατάστημα 45 μ2. Τηλ. 265-326.

ΠΩΛΕΙΤΑΙ διαμ. 57 τ.μ. λουξ. Τηλ. 275-438.

ΠΩΛΕΙΤΑΙ διαμ. 60 τ.μ. Καλαμαριά. Τηλ. 275-438.

ΠΩΛΕΙΤΑΙ διαμ. 100 τ.μ. Ιασονιδου. Τηλ. 275-438.

ΠΩΛΕΙΤΑΙ διαμ. 110 τ.μ. Νεάπολη. Τηλ. 275-438.

ΠΩΛΕΙΤΑΙ διαμ. Αγίου Παύλου 120 τ.μ. Τηλ. 275-438.

ΠΩΛΕΙΤΑΙ διαμ. Βαρδάρη 80 τ.μ. Τηλ. 275-438.

ΕΥΚΑΙΡΙΑ διαμέρισμα λουξ. Τηλ. 275-438.

ΠΩΛΟΥΝΤΑΙ διαμερίσματα πλήρως. Τηλ. 275-438.

ΠΩΛΕΙΤΑΙ κατάστημα 130 τ.μ. Τηλ. 275-438.

ΠΩΛΟΥΝΤΑΙ διαμερίσματα μικρά μεγάλα. Τηλ. 275-438.

ΠΩΛΟΥΝΤΑΙ διαμερίσματα στη Χαριλάου. Τηλ. 275-438.

ΠΩΛΕΙΤΑΙ	διαμέρισμα στην Καλαμαριά. Τηλ. 236-980.

ΠΩΛΕΙΤΑΙ διαμέρισμα 95 μ2. Τηλ. 236-980.

ΑΓΓΕΛΚΗ ρετιρέ 95 μ2 3 ΣΤΚΔΑ. Τηλ. 265-880.

ΠΩΛΕΙΤΑΙ διαμέρισμα 100 μ2. Τηλ. 265-880.

ΡΕΤΙΡΕ Κ. Μαλαχιού 91 μ2 πολυτελές. Τηλ. 265-880.

ΔΙΑΜΕΡΙΣΜΑ Αγίου Δημητρίου 550.000. Τηλ. 265-880.

ΠΩΛΕΙΤΑΙ διαμέρισμα 100 μ2. Τηλ. 265-880.

ΟΙΚΟΠΕΔΑ Αγροτεμάχια στη Θέρμη. Τηλ. 265-880.

ΠΩΛΟΥΝΤΑΙ διαμερίσματα 160 μ2. Τηλ. 265-880.

ΖΗΤΕΙΤΑΙ διαμέρισμα έως 100 μ2. Τηλ. 265-880.

ΠΩΛΕΙΤΑΙ διαμέρισμα 120 μ2. Τηλ. 416-827.

ΕΥΚΑΙΡΙΑ μοναδική διαμέρισμα. Τηλ. 416-827.

ΠΩΛΕΙΤΑΙ διαμέρισμα 80 μ2. Τηλ. 416-827.

ΚΕΛΕΤΖΟΓΛΟΥ διαμέρισμα 87 μ2. Τηλ. 416-827.

ΠΩΛΟΥΝΤΑΙ διαμερίσματα 75 μ2. Τηλ. 416-827.

ΠΩΛΕΙΤΑΙ οικόπεδο 250 μ2. Τηλ. 416-827.

ΠΩΛΟΥΝΤΑΙ διαμερίσματα 45 μ2. Τηλ. 416-827.

ΠΩΛΟΥΝΤΑΙ οικόπεδα. Τηλ. 416-827.

ΠΩΛΟΥΝΤΑΙ 3 στρέμματα. Τηλ. 416-827.

ΑΛΛΑΓΕΣ σε ακίνητα. Τηλ. 416-827.

ΔΙΑΜΕΡΙΣΜΑ 74 τ.μ. Τηλ. 416-827.

ΠΩΛΕΙΤΑΙ διαμέρισμα 60 τ.μ. Τηλ. 416-827.

ΠΩΛΟΥΝΤΑΙ 11 διαμερίσματα. Τηλ. 416-827.

ΠΩΛΟΥΝΤΑΙ διαμερίσματα 100 μ2. Τηλ. 416-827.

ΠΩΛΕΙΤΑΙ κατάστημα 40 μ2. Τηλ. 220-018.

ΔΙΑΜΕΡΙΣΜΑ περιοχή Καμάρας λουξ 75 μ2 2 ΔΣΤΚΑ 1ος όροφος 1.280.000 μετρητοίς.

ΖΑΧΑΡΟΥΔΗΣ τηλ. 827-308. Πολύ διαμ. 64 μ2 λουξ 770 χιλ. Βαρδάρη.

ΖΑΧΑΡΟΥΔΗΣ τηλ. 827-308. Πολύ διαμ. 62 μ2 800 χιλ. Γεωργιου.

ΖΑΧΑΡΟΥΔΗΣ τηλ. 827-308. Πολύ διαμ. 112 μ2 λουξ 1.600 χιλ. Καλαμαριά.

ΖΑΧΑΡΟΥΔΗΣ τηλ. 827-308. Πολύ διαμ. 60 μ2 650 χιλ. Ευαγγελίστρια.

ΖΑΧΑΡΟΥΔΗΣ τηλ. 827-308. Πολύ οικόπεδο 160 μ2 Χαλκιδική.

ΖΑΧΑΡΟΥΔΗΣ τηλ. 827-308. Δίπλα στο 41 διαμ. 100 μ2 2 ΔΣΤΚ λουξ.

ΖΑΧΑΡΟΥΔΗΣ τηλ. 827-308. Πολύ διαμ. 58 μ2 650 χιλ. Μπότσαρη.

ΖΑΧΑΡΟΥΔΗΣ τηλ. 827-308. Πολύ διαμ. 80 μ2 1150 χιλ. Σαράντα.

ΖΑΧΑΡΟΥΔΗΣ τηλ. 827-308. Πολύ γωνιακό διαμ. 80 μ2 1150 χιλ. Σεβαστίδη.

ΖΑΧΑΡΟΥΔΗΣ τηλ. 827-308. Πολύ διαμ. 72 μ2 930 χιλ. Αντιγονίδου.

ΖΑΧΑΡΟΥΔΗΣ τηλ. 827-308. Πολύ διαμ. 76 μ2 λουξ 1350 χιλ. Βάρνα.

ΖΑΧΑΡΟΥΔΗΣ τηλ. 827-308. Πολύ διαμ. 70 μ2 λουξ 1080 χιλ. Χαριλάου.

ΖΑΧΑΡΟΥΔΗΣ τηλ. 827-308. Πολύ διαμ. 80 μ2 λουξ 3 ΔΣΚ 1300 χιλ. Σολωμού.

ΖΑΧΑΡΟΥΔΗΣ τηλ. 827-308. Πολύ διαμερίσματα λουξ στην Καλαμαριά.

ΔΙΑΜΕΡΙΣΜΑΤΑ έτοιμα (ρετιρέ - λουξ) καινούργια κατασκευής σε Τριανδρία 70, 75, 78 και 80 τ.μ. Τηλ. 237-959.

ΠΩΛΕΙΤΑΙ διαμέρισμα 55 τ.μ. Τηλ. 237-959.

ΠΩΛΟΥΝΤΑΙ διαμερίσματα επί της Τούμπας 75, 77, 90 μ2 Εγνατία 38 όρ. 6ος. Τηλ. 237-959.

ΔΙΑΜΕΡΙΣΜΑ έτοιμο λουξ περιοχή Εύκλειδος 80 μ2 τζάκι 2 ΔΣΚ. Τηλ. 237-959.

ΔΙΑΜΕΡΙΣΜΑΤΑ στη Τούμπα 75, 86, 100 μ2 λουξ. Τηλ. 237-959.

ΚΑΤΑΣΤΗΜΑΤΑ σε όλες τις περιοχές. Τηλ. 237-959.

ΔΙΑΜΕΡΙΣΜΑΤΑ στο Αλεκάνδρα Αγίας 80 τ.μ. Τηλ. 237-959.

ΠΩΛΟΥΝΤΑΙ διαμερίσματα στην Άνω Πόλη, Τούμπα, Χαριλάου. Τηλ. 237-959, Βεζβελίδης.

ΕΠΙ της Τσιμισκή, Εγνατίας 100, 66, 68, 96, 90, 82 μ2. Τηλ. 237-959.

ΕΠΙ Τούμπα 107, 90, 97, 95 μ2. Τηλ. 237-959.

ΑΝΩ Τούμπα 100, 60, 80, 108, 67, 77 μ2. Τηλ. 237-959.

ΕΥΚΑΙΡΙΑ 82, 64, 67, 110 μ2. Τηλ. 237-959, Βεζβελίδης.

ΚΑΛΑΜΑΡΙΑ 105, 115, 100, 94, 80, 82, 70, 67, 72, 60 μ2. Τηλ. 237-959.

ΝΕΑ Βάρνα 76, 83, 88, 77 μ2. Τηλ. 237-959.

ΚΑΤΩ Τούμπα 147, 100, 94, 90, 40, 45 μ2. Τηλ. 237-959.

ΝΕΑΠΟΛΙΣ 85, 108 μ2. Τηλ. 237-959, Βεζβελίδης.

ΖΗΤΟΥΜΕ διαμερίσματα, οικόπεδα, εξοχικές κατοικίες. Τηλ. 237-959 Βεζβελίδης.

ΠΩΛΕΙΤΑΙ κατάστημα στην Αρ. Γυμνασίου 200 μ2. Τηλ. 226-223.

ΠΩΛΕΙΤΑΙ Λουξ διαμέρισμα 2ος όροφος 3 ΔΣΤΚ 4ος όροφος. Τηλ. 226-223.

ΠΩΛΕΙΤΑΙ στην Τούμπα διαμέρισμα. Τηλ. 226-223.

ΠΩΛΕΙΤΑΙ	στην Χαριλάου διαμέρισμα. Τηλ. 226-223.

ΠΩΛΕΙΤΑΙ διαμέρισμα στο Άγιο Παύλο. Τηλ. 226-223.

ΠΩΛΕΙΤΑΙ διαμέρισμα 110 μ2. Τηλ. 226-223.

ΠΩΛΕΙΤΑΙ στην Κάτω Τούμπα διαμέρισμα. Τηλ. 226-223.

ΠΩΛΕΙΤΑΙ διαμέρισμα στη Νεάπολη. Τηλ. 226-223.

ΠΩΛΕΙΤΑΙ διαμέρισμα στη Μαρτίου. Τηλ. 226-223.

ΠΩΛΕΙΤΑΙ διαμέρισμα στην Αγ. Σοφία. Τηλ. 226-223.

ΚΑΤΩ Τούμπα 77 μ2 2 ΔΣΚ. Τηλ. 543-771.

ΚΑΛΛΙΘΕΑ διαμέρισμα 95 μ2. Τηλ. 543-771.

ΑΝΩ Τούμπα 2 δωμάτια 80 μ2. Τηλ. 543-771.

ΠΩΛΕΙΤΑΙ διαμέρισμα 60 μ2. Τηλ. 543-771.

ΒΑΛΑΩΡΙΤΟΥ διαμέρισμα. Τηλ. 543-771.

ΤΣΕΚΟΥΡΑΣ Πωλούνται γραφεία. Τηλ. 263-651.

ΤΣΕΚΟΥΡΑΣ Πωλείται μισμαρή. Τηλ. 263-651.

ΠΩΛΕΙΤΑΙ διαμέρισμα 95 μ2. Τηλ. 263-651.

ΜΠΙΑΛΤΖΟΥΝΟΣ Γ. Στην Πασονιτ 40 μήνες. Τηλ. 224-131, 264-776.

ΠΩΛΕΙΤΑΙ οικόπεδο 200 τ.μ. εκτί ακτή Ασπροβάλτας. 540-362.

ΠΩΛΕΙΤΑΙ οικόπεδο 300 τ.μ. Ηδωνή 540-362.

ΠΩΛΕΙΤΑΙ οικόπεδο 500 τ.μ. Θερμαϊκού. 540-362.

ΠΩΛΕΙΤΑΙ οικόπεδο 132 τ.μ. κεντρικό 500.000 δρχ. 540-362.

ΠΩΛΕΙΤΑΙ άγρος 17 στρέμματα 45.000 το στρέμμα. 540-362.

ΠΩΛΕΙΤΑΙ οικόπεδο 300 μ2 εις Καλοχώρι. 540-362.

ΠΩΛΟΥΝΤΑΙ διαμερίσματα 105 τ.μ. 1.350.000 και 107 τ.μ. Τηλ. 821-434.

ΠΩΛΟΥΝΤΑΙ διαμέρισμα 120 μ2 ρετιρέ 87 μ2 Κάτω Τούμπα. Τηλ. 821-434.

ΠΩΛΕΙΤΑΙ διαμ. 3ος όρ. 90 μ2 λουξ. Τηλ. 821-434.

ΠΩΛΕΙΤΑΙ διαμ. 3ος όρ. 74 μ2 1.150.000. Τηλ. 821-434.

ΠΩΛΕΙΤΑΙ ημιυπόγειο 100 μ2. Τηλ. 821-434.

ΠΩΛΕΙΤΑΙ διαμ. 4ος όρ. 2 ΔΣΚ, 74 μ2. Τηλ. 821-434.

ΠΩΛΕΙΤΑΙ διαμέρισμα 3 ΔΣΚ. Τηλ. 528-989.

ΠΩΛΟΥΝΤΑΙ διαμερίσματα 65 μ2. Τηλ. 528-989.

ΠΩΛΟΥΝΤΑΙ διαμερίσματα 55 μ2, 2 ΔΣΚ. Τηλ. 528-989.

ΠΩΛΟΥΝΤΑΙ οικόπεδα στα Λιγιάνα. Τηλ. 528-989.

ΠΩΛΕΙΤΑΙ οικόπεδο 260 τ.μ. Τηλ. 528-989.

ΠΩΛΕΙΤΑΙ οικόπεδο 220 μ2 εις Ελευθέριο. Τηλ. 528-989.

ΔΕΝ είναι εργολάβος όσοι της Επί της οδού Αριστοτέλους τζάκι, πλήρως. Τηλ. 528-989.

ΚΑΤΑΣΤΗΜΑΤΑ	πολυτελή, εξαιρετικά, ευκαιρία. Τηλ. 231-183.

ΔΙΑΜΕΡΙΣΜΑΤΑ πολυτελή, ευκαιρία. Τηλ. 231-183.

ΘΕΛΕΤΕ διαμερίσματα καινούργια; Επισκεφθείτε μας. Τηλ. 231-183.

ΣΠΙΘΟΣΤΟΡΟΣ	ευκαιρία διαμερίσματα. Τηλ. 231-183.

ΔΗΜΟΠΡΑΣΙΑ πρός εκποίηση ακινήτου. Τηλ. 231-183.

ΠΩΛΕΙΤΑΙ διαμέρισμα 80 μ2. Τηλ. 231-183.

ΠΩΛΕΙΤΑΙ κατάστημα 50 μ2. Τηλ. 231-183.

ΠΩΛΕΙΤΑΙ οικόπεδο, Σοφίας 40 μ2. Τηλ. 231-183.

ΠΩΛΕΙΤΑΙ διαμέρισμα Εγνατία. Τηλ. 916-193.

ΠΩΛΕΙΤΑΙ διαμέρισμα 95 μ2. Τηλ. 916-193.

ΠΩΛΟΥΝΤΑΙ διαμερίσματα στην Χαλκιδική. Τηλ. 916-193.

ΠΟΛΥΤΕΛΗ διαμερίσματα, ευκαιρία. Τηλ. 251-325.

ΠΑΡΑΘΑΛΑΣΣΙΕΣ μονοκατοικίες. Τηλ. 268-961.

ΠΑΡΑΘΑΛΑΣΣΙΑ οικόπεδα στην Επανομή. Τηλ. 268-961.

ΣΠΙΘΟΣΤΟΡΟΣ Αντιπαροχή. Τηλ. 268-961.

ΠΩΛΟΥΝΤΑΙ διαμερίσματα. Τηλ. 521-403.

ΠΩΛΕΙΤΑΙ οικόπεδο 130 μ2. Τηλ. 652-485.

Η ΣΥΝΕΧΕΙΑ ΣΤΗ 19Η ΣΕΛΙΔΑ
